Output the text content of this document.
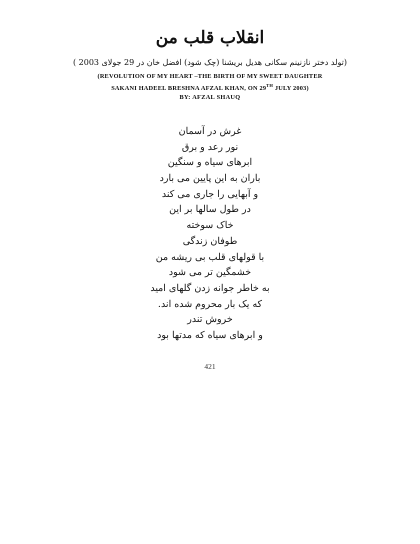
انقلاب قلب من
(تولد دختر نازنینم سکانی هدیل بریشنا (چک شود) افضل خان در 29 جولای 2003 )
(REVOLUTION OF MY HEART –THE BIRTH OF MY SWEET DAUGHTER
SAKANI HADEEL BRESHNA AFZAL KHAN, ON 29TH JULY 2003)
BY: AFZAL SHAUQ
غرش در آسمان
نور رعد و برق
ابرهای سیاه و سنگین
باران به این پایین می بارد
و آبهایی را جاری می کند
در طول سالها بر این
خاک سوخته
طوفان زندگی
با قولهای قلب بی ریشه من
خشمگین تر می شود
به خاطر جوانه زدن گلهای امید
که یک بار محروم شده اند.
خروش تندر
و ابرهای سیاه که مدتها بود
421
